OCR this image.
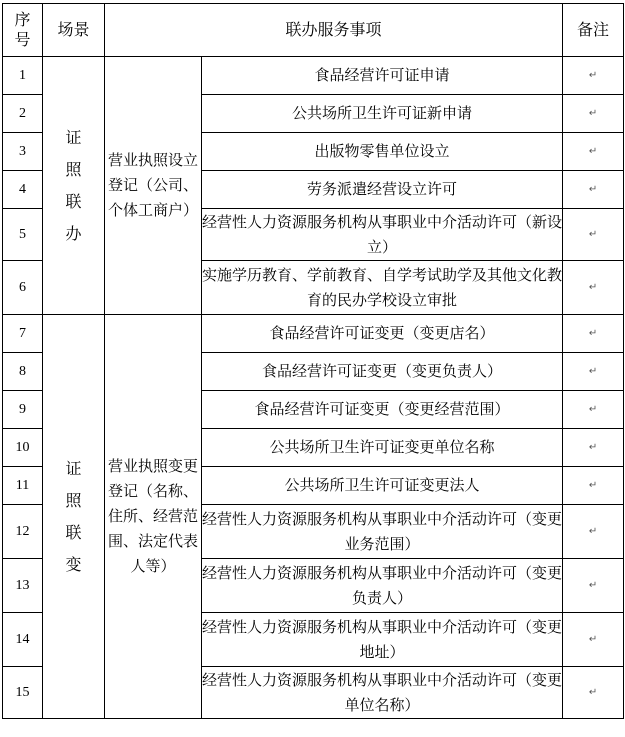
序号	场景	联办服务事项		备注
1	证照联办	营业执照设立登记（公司、个体工商户）	食品经营许可证申请	↵
2			公共场所卫生许可证新申请	↵
3			出版物零售单位设立	↵
4			劳务派遣经营设立许可	↵
5			经营性人力资源服务机构从事职业中介活动许可（新设立）	↵
6			实施学历教育、学前教育、自学考试助学及其他文化教育的民办学校设立审批	↵
7	证照联变	营业执照变更登记（名称、住所、经营范围、法定代表人等）	食品经营许可证变更（变更店名）	↵
8			食品经营许可证变更（变更负责人）	↵
9			食品经营许可证变更（变更经营范围）	↵
10			公共场所卫生许可证变更单位名称	↵
11			公共场所卫生许可证变更法人	↵
12			经营性人力资源服务机构从事职业中介活动许可（变更业务范围）	↵
13			经营性人力资源服务机构从事职业中介活动许可（变更负责人）	↵
14			经营性人力资源服务机构从事职业中介活动许可（变更地址）	↵
15			经营性人力资源服务机构从事职业中介活动许可（变更单位名称）	↵
